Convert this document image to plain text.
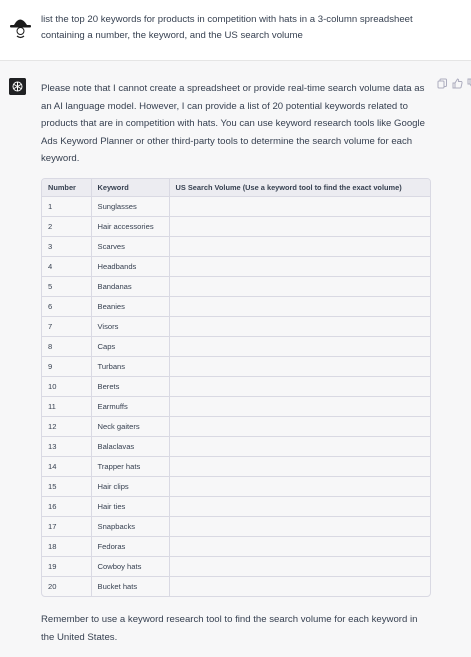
list the top 20 keywords for products in competition with hats in a 3-column spreadsheet containing a number, the keyword, and the US search volume
Please note that I cannot create a spreadsheet or provide real-time search volume data as an AI language model. However, I can provide a list of 20 potential keywords related to products that are in competition with hats. You can use keyword research tools like Google Ads Keyword Planner or other third-party tools to determine the search volume for each keyword.
Number	Keyword	US Search Volume (Use a keyword tool to find the exact volume)
1	Sunglasses	
2	Hair accessories	
3	Scarves	
4	Headbands	
5	Bandanas	
6	Beanies	
7	Visors	
8	Caps	
9	Turbans	
10	Berets	
11	Earmuffs	
12	Neck gaiters	
13	Balaclavas	
14	Trapper hats	
15	Hair clips	
16	Hair ties	
17	Snapbacks	
18	Fedoras	
19	Cowboy hats	
20	Bucket hats	
Remember to use a keyword research tool to find the search volume for each keyword in the United States.
